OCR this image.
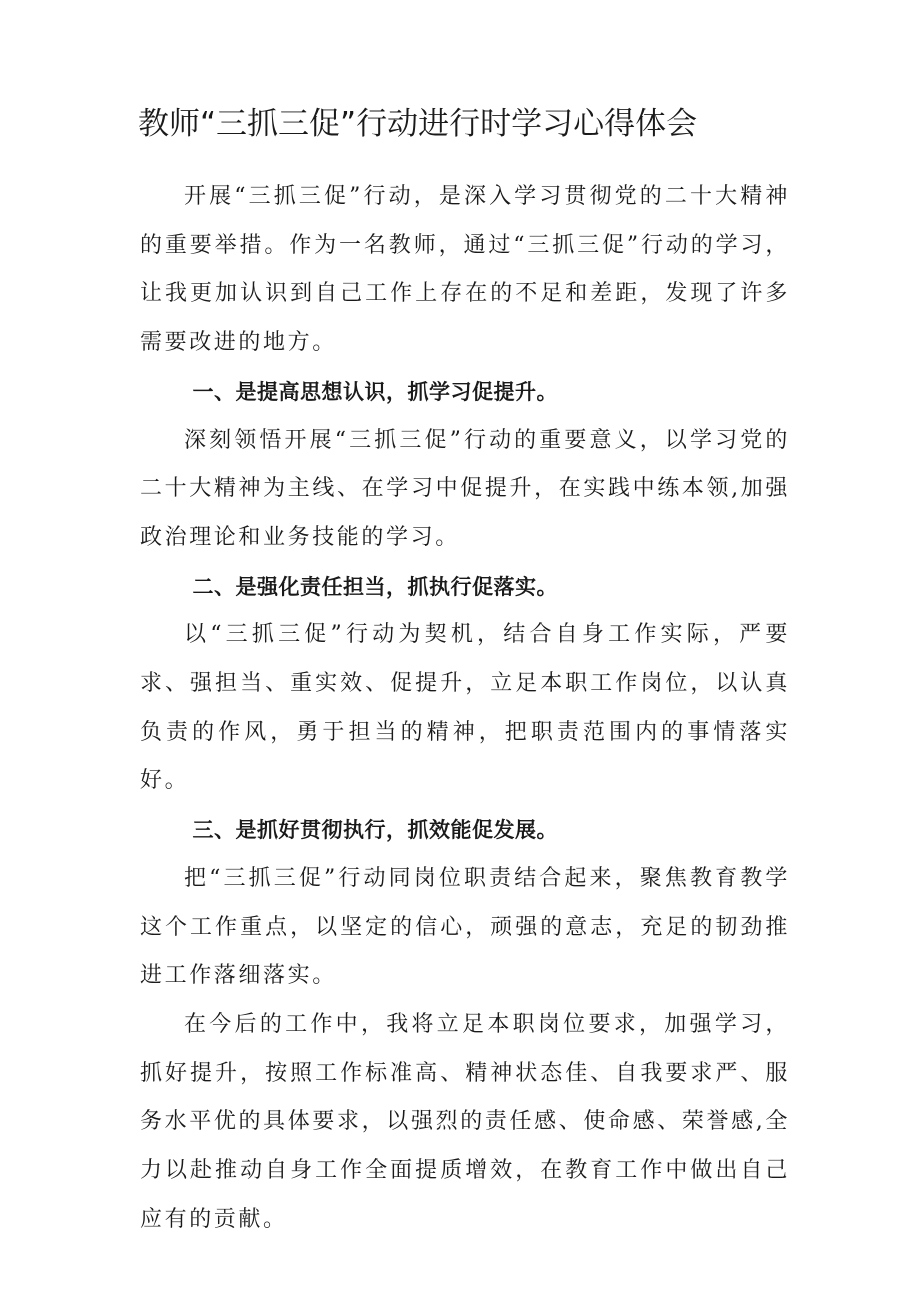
教师“三抓三促”行动进行时学习心得体会

开展“三抓三促”行动，是深入学习贯彻党的二十大精神的重要举措。作为一名教师，通过“三抓三促”行动的学习，让我更加认识到自己工作上存在的不足和差距，发现了许多需要改进的地方。

一、是提高思想认识，抓学习促提升。

深刻领悟开展“三抓三促”行动的重要意义，以学习党的二十大精神为主线、在学习中促提升，在实践中练本领,加强政治理论和业务技能的学习。

二、是强化责任担当，抓执行促落实。

以“三抓三促”行动为契机，结合自身工作实际，严要求、强担当、重实效、促提升，立足本职工作岗位，以认真负责的作风，勇于担当的精神，把职责范围内的事情落实好。

三、是抓好贯彻执行，抓效能促发展。

把“三抓三促”行动同岗位职责结合起来，聚焦教育教学这个工作重点，以坚定的信心，顽强的意志，充足的韧劲推进工作落细落实。

在今后的工作中，我将立足本职岗位要求，加强学习，抓好提升，按照工作标准高、精神状态佳、自我要求严、服务水平优的具体要求，以强烈的责任感、使命感、荣誉感,全力以赴推动自身工作全面提质增效，在教育工作中做出自己应有的贡献。
